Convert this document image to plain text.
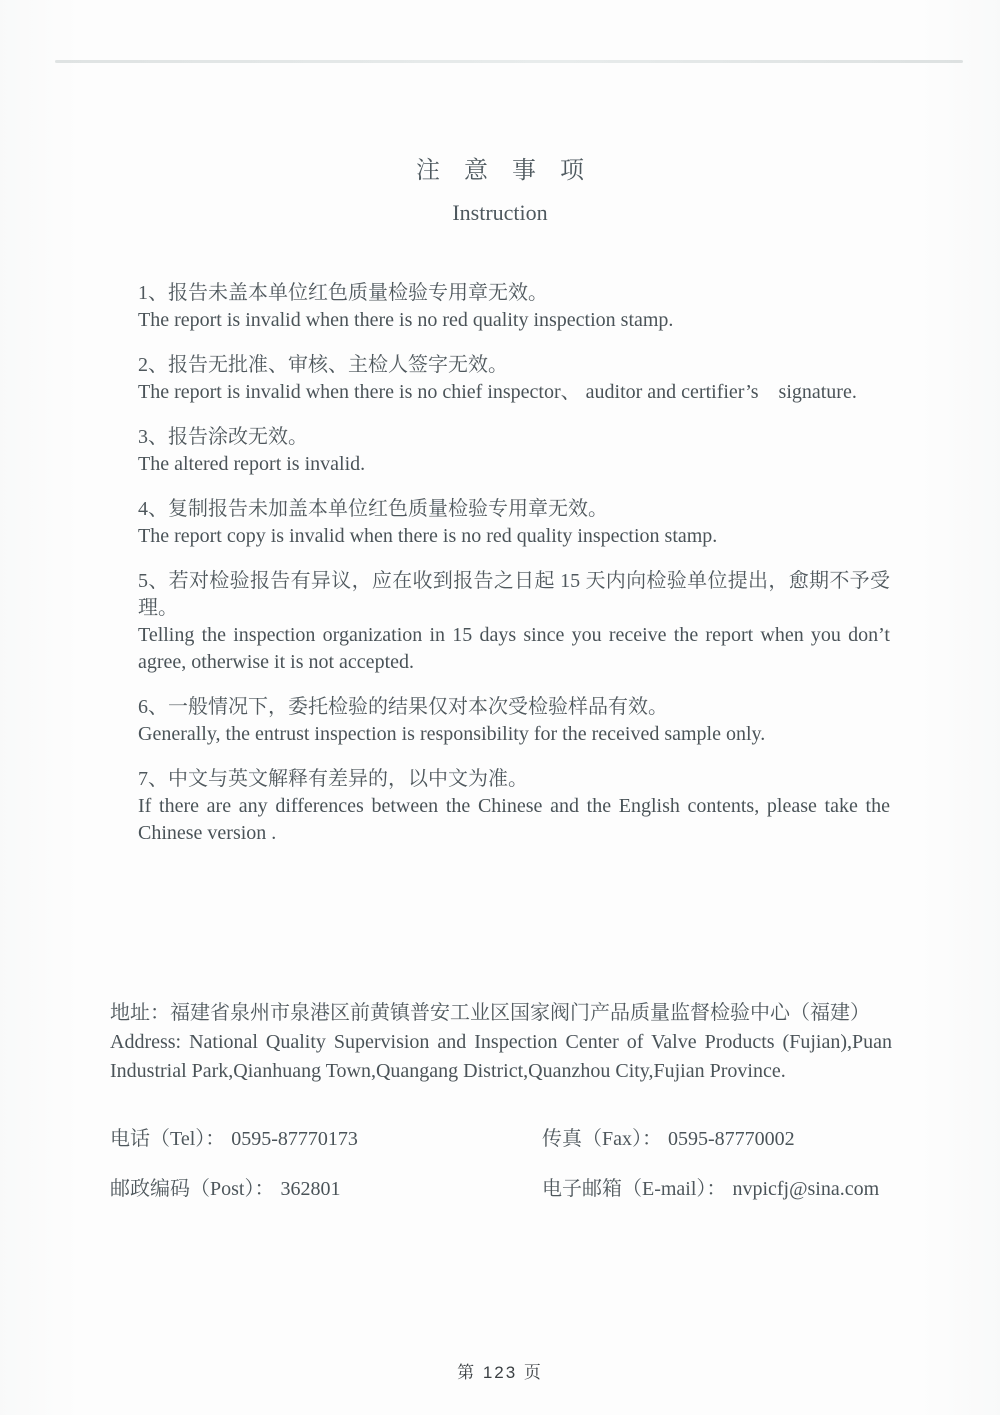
注　意　事　项
Instruction
1、报告未盖本单位红色质量检验专用章无效。
The report is invalid when there is no red quality inspection stamp.
2、报告无批准、审核、主检人签字无效。
The report is invalid when there is no chief inspector、 auditor and certifier’s　signature.
3、报告涂改无效。
The altered report is invalid.
4、复制报告未加盖本单位红色质量检验专用章无效。
The report copy is invalid when there is no red quality inspection stamp.
5、若对检验报告有异议，应在收到报告之日起 15 天内向检验单位提出，愈期不予受理。
Telling the inspection organization in 15 days since you receive the report when you don’t agree, otherwise it is not accepted.
6、一般情况下，委托检验的结果仅对本次受检验样品有效。
Generally, the entrust inspection is responsibility for the received sample only.
7、中文与英文解释有差异的，以中文为准。
If there are any differences between the Chinese and the English contents, please take the Chinese version .
地址：福建省泉州市泉港区前黄镇普安工业区国家阀门产品质量监督检验中心（福建）
Address: National Quality Supervision and Inspection Center of Valve Products (Fujian),Puan Industrial Park,Qianhuang Town,Quangang District,Quanzhou City,Fujian Province.
电话（Tel）： 0595-87770173	传真（Fax）： 0595-87770002
邮政编码（Post）： 362801	电子邮箱（E-mail）： nvpicfj@sina.com
第 123 页
